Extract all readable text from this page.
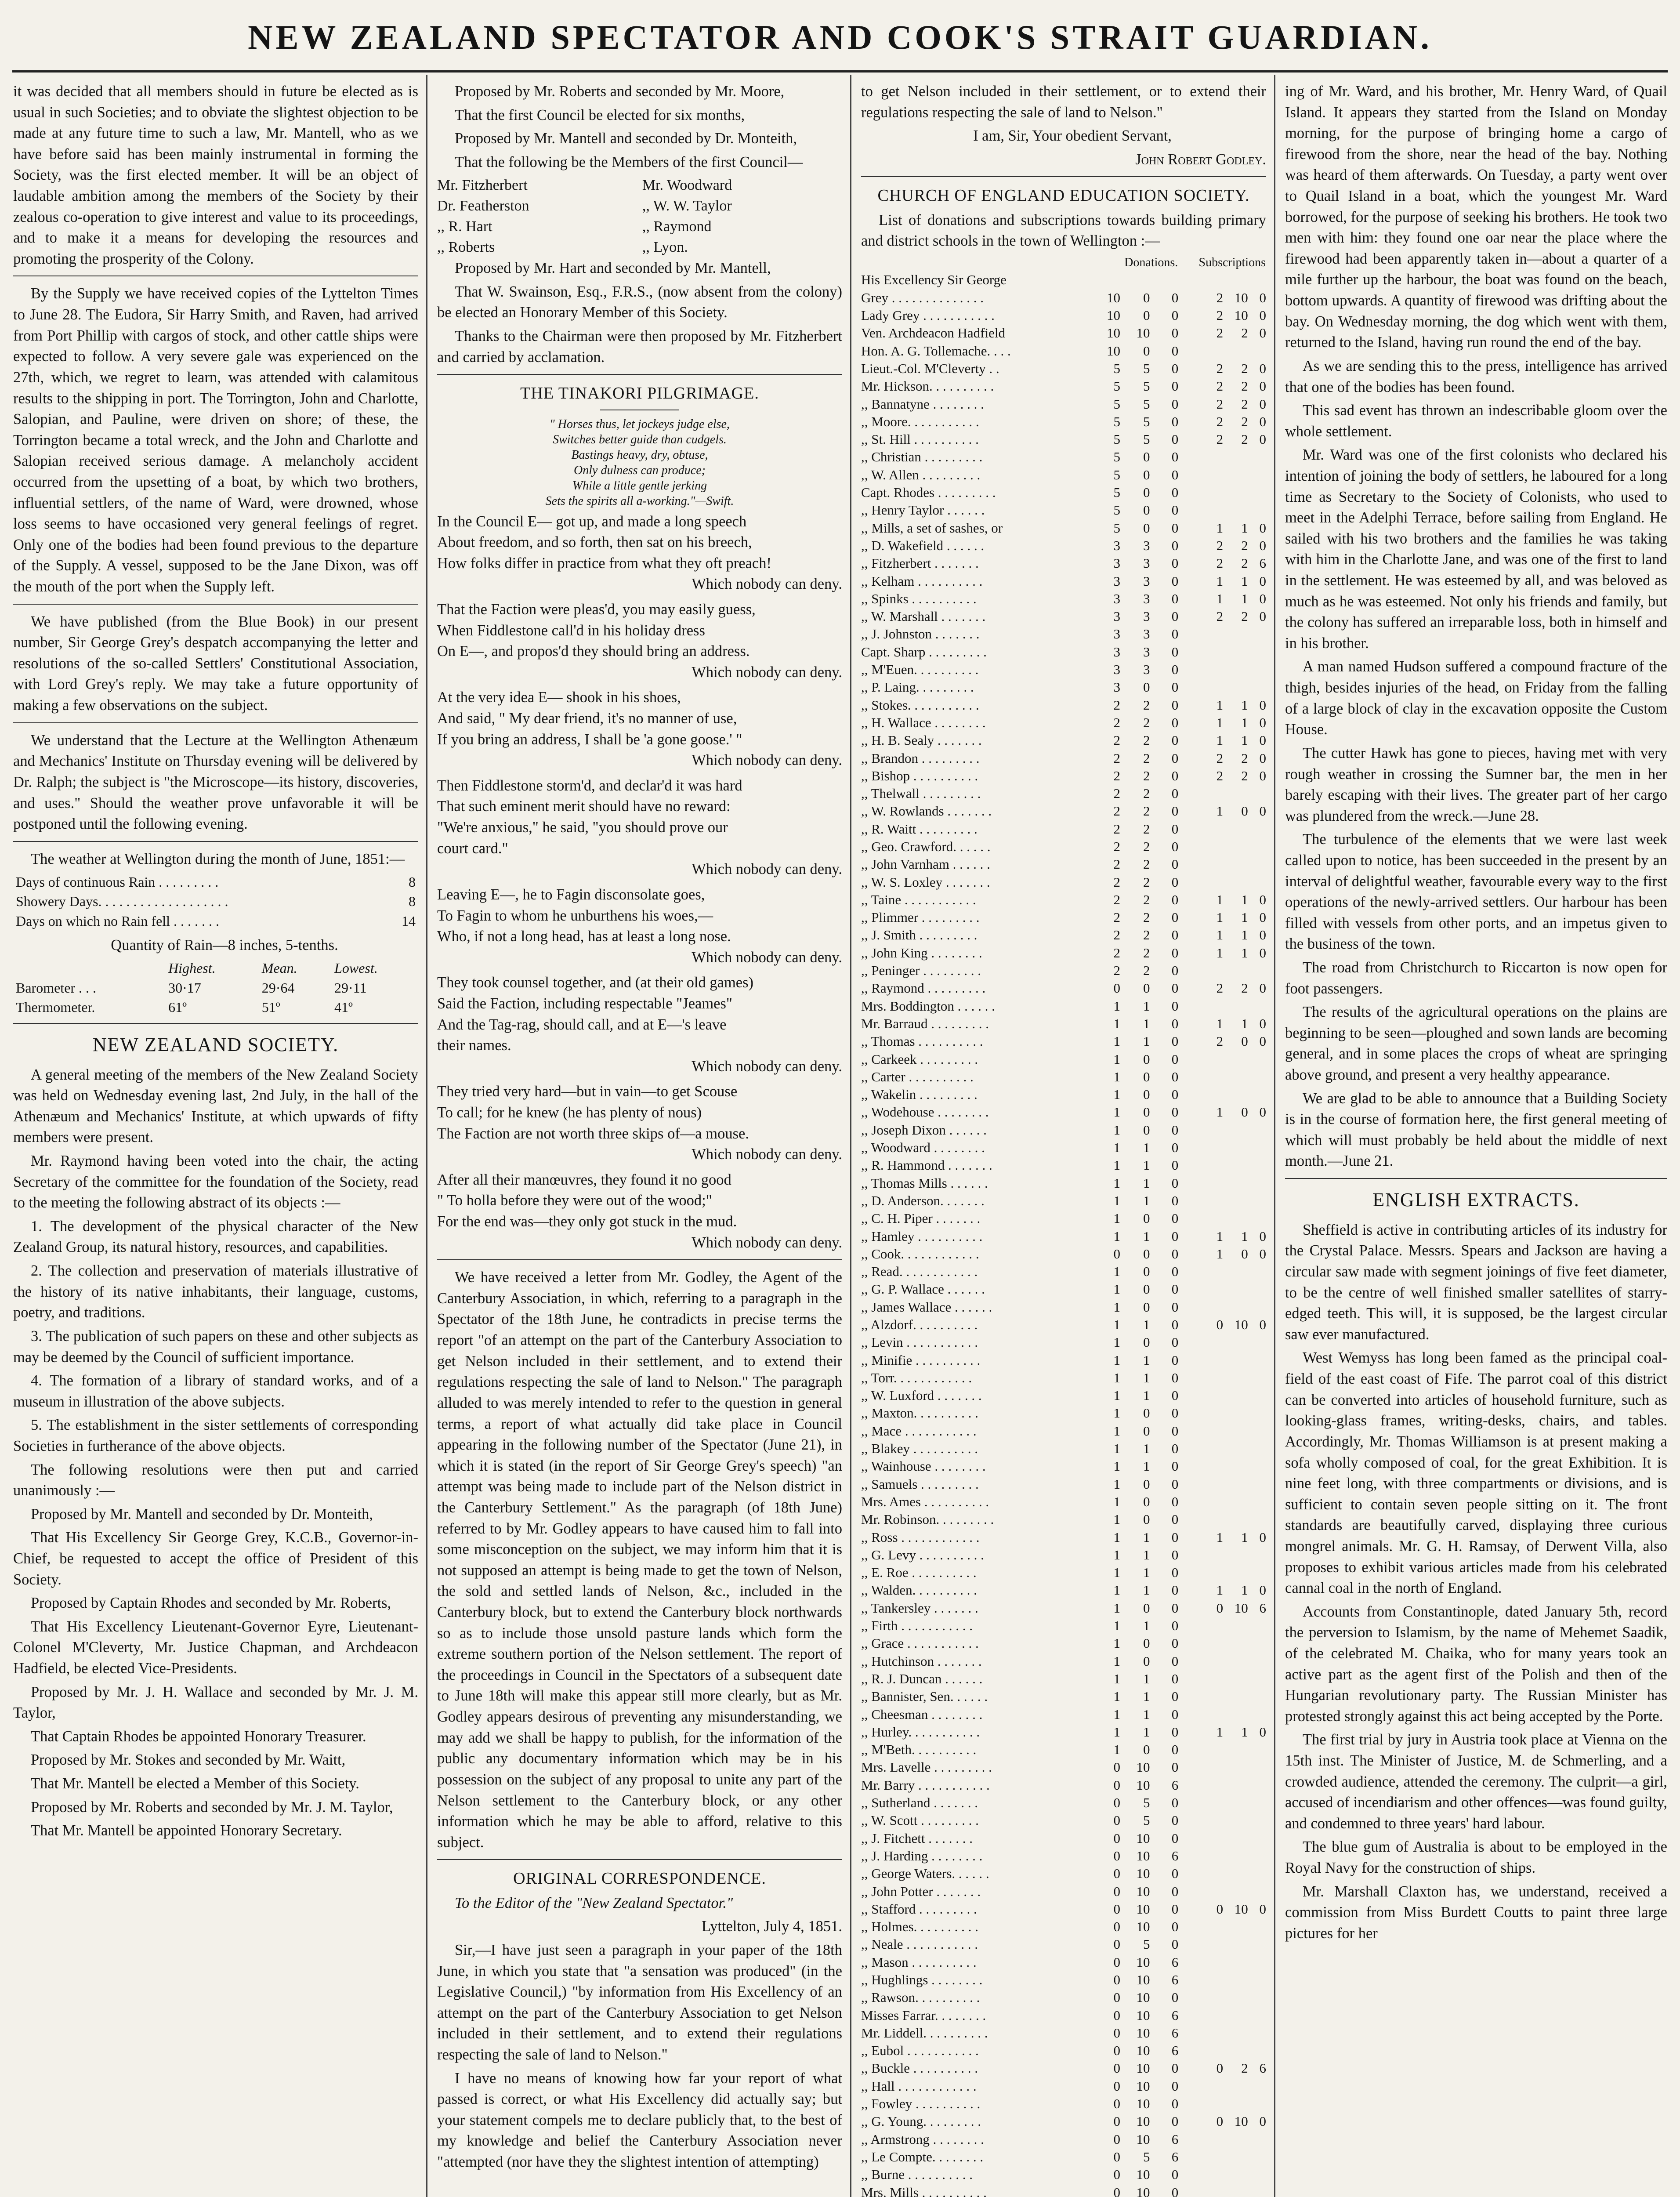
NEW ZEALAND SPECTATOR AND COOK'S STRAIT GUARDIAN.

it was decided that all members should in future be elected as is usual in such Societies; and to obviate the slightest objection to be made at any future time to such a law, Mr. Mantell, who as we have before said has been mainly instrumental in forming the Society, was the first elected member. It will be an object of laudable ambition among the members of the Society by their zealous co-operation to give interest and value to its proceedings, and to make it a means for developing the resources and promoting the prosperity of the Colony.

By the Supply we have received copies of the Lyttelton Times to June 28. The Eudora, Sir Harry Smith, and Raven, had arrived from Port Phillip with cargos of stock, and other cattle ships were expected to follow. A very severe gale was experienced on the 27th, which, we regret to learn, was attended with calamitous results to the shipping in port. The Torrington, John and Charlotte, Salopian, and Pauline, were driven on shore; of these, the Torrington became a total wreck, and the John and Charlotte and Salopian received serious damage. A melancholy accident occurred from the upsetting of a boat, by which two brothers, influential settlers, of the name of Ward, were drowned, whose loss seems to have occasioned very general feelings of regret. Only one of the bodies had been found previous to the departure of the Supply. A vessel, supposed to be the Jane Dixon, was off the mouth of the port when the Supply left.

We have published (from the Blue Book) in our present number, Sir George Grey's despatch accompanying the letter and resolutions of the so-called Settlers' Constitutional Association, with Lord Grey's reply. We may take a future opportunity of making a few observations on the subject.

We understand that the Lecture at the Wellington Athenæum and Mechanics' Institute on Thursday evening will be delivered by Dr. Ralph; the subject is "the Microscope—its history, discoveries, and uses." Should the weather prove unfavorable it will be postponed until the following evening.

The weather at Wellington during the month of June, 1851:—

Days of continuous Rain . . . . . . . . .	8
Showery Days. . . . . . . . . . . . . . . . . . .	8
Days on which no Rain fell . . . . . . .	14

Quantity of Rain—8 inches, 5-tenths.

	Highest.	Mean.	Lowest.
Barometer . . .	30·17	29·64	29·11
Thermometer.	61º	51º	41º
NEW ZEALAND SOCIETY.

A general meeting of the members of the New Zealand Society was held on Wednesday evening last, 2nd July, in the hall of the Athenæum and Mechanics' Institute, at which upwards of fifty members were present.

Mr. Raymond having been voted into the chair, the acting Secretary of the committee for the foundation of the Society, read to the meeting the following abstract of its objects :—

1. The development of the physical character of the New Zealand Group, its natural history, resources, and capabilities.

2. The collection and preservation of materials illustrative of the history of its native inhabitants, their language, customs, poetry, and traditions.

3. The publication of such papers on these and other subjects as may be deemed by the Council of sufficient importance.

4. The formation of a library of standard works, and of a museum in illustration of the above subjects.

5. The establishment in the sister settlements of corresponding Societies in furtherance of the above objects.

The following resolutions were then put and carried unanimously :—

Proposed by Mr. Mantell and seconded by Dr. Monteith,

That His Excellency Sir George Grey, K.C.B., Governor-in-Chief, be requested to accept the office of President of this Society.

Proposed by Captain Rhodes and seconded by Mr. Roberts,

That His Excellency Lieutenant-Governor Eyre, Lieutenant-Colonel M'Cleverty, Mr. Justice Chapman, and Archdeacon Hadfield, be elected Vice-Presidents.

Proposed by Mr. J. H. Wallace and seconded by Mr. J. M. Taylor,

That Captain Rhodes be appointed Honorary Treasurer.

Proposed by Mr. Stokes and seconded by Mr. Waitt,

That Mr. Mantell be elected a Member of this Society.

Proposed by Mr. Roberts and seconded by Mr. J. M. Taylor,

That Mr. Mantell be appointed Honorary Secretary.

Proposed by Mr. Roberts and seconded by Mr. Moore,

That the first Council be elected for six months,

Proposed by Mr. Mantell and seconded by Dr. Monteith,

That the following be the Members of the first Council—

Mr. Fitzherbert	Mr. Woodward
Dr. Featherston	,, W. W. Taylor
,, R. Hart	,, Raymond
,, Roberts	,, Lyon.

Proposed by Mr. Hart and seconded by Mr. Mantell,

That W. Swainson, Esq., F.R.S., (now absent from the colony) be elected an Honorary Member of this Society.

Thanks to the Chairman were then proposed by Mr. Fitzherbert and carried by acclamation.

THE TINAKORI PILGRIMAGE.
" Horses thus, let jockeys judge else,
Switches better guide than cudgels.
Bastings heavy, dry, obtuse,
Only dulness can produce;
While a little gentle jerking
Sets the spirits all a-working."—Swift.
In the Council E— got up, and made a long speech
About freedom, and so forth, then sat on his breech,
How folks differ in practice from what they oft preach!
Which nobody can deny.
That the Faction were pleas'd, you may easily guess,
When Fiddlestone call'd in his holiday dress
On E—, and propos'd they should bring an address.
Which nobody can deny.
At the very idea E— shook in his shoes,
And said, " My dear friend, it's no manner of use,
If you bring an address, I shall be 'a gone goose.' "
Which nobody can deny.
Then Fiddlestone storm'd, and declar'd it was hard
That such eminent merit should have no reward:
"We're anxious," he said, "you should prove our
court card."
Which nobody can deny.
Leaving E—, he to Fagin disconsolate goes,
To Fagin to whom he unburthens his woes,—
Who, if not a long head, has at least a long nose.
Which nobody can deny.
They took counsel together, and (at their old games)
Said the Faction, including respectable "Jeames"
And the Tag-rag, should call, and at E—'s leave
their names.
Which nobody can deny.
They tried very hard—but in vain—to get Scouse
To call; for he knew (he has plenty of nous)
The Faction are not worth three skips of—a mouse.
Which nobody can deny.
After all their manœuvres, they found it no good
" To holla before they were out of the wood;"
For the end was—they only got stuck in the mud.
Which nobody can deny.

We have received a letter from Mr. Godley, the Agent of the Canterbury Association, in which, referring to a paragraph in the Spectator of the 18th June, he contradicts in precise terms the report "of an attempt on the part of the Canterbury Association to get Nelson included in their settlement, and to extend their regulations respecting the sale of land to Nelson." The paragraph alluded to was merely intended to refer to the question in general terms, a report of what actually did take place in Council appearing in the following number of the Spectator (June 21), in which it is stated (in the report of Sir George Grey's speech) "an attempt was being made to include part of the Nelson district in the Canterbury Settlement." As the paragraph (of 18th June) referred to by Mr. Godley appears to have caused him to fall into some misconception on the subject, we may inform him that it is not supposed an attempt is being made to get the town of Nelson, the sold and settled lands of Nelson, &c., included in the Canterbury block, but to extend the Canterbury block northwards so as to include those unsold pasture lands which form the extreme southern portion of the Nelson settlement. The report of the proceedings in Council in the Spectators of a subsequent date to June 18th will make this appear still more clearly, but as Mr. Godley appears desirous of preventing any misunderstanding, we may add we shall be happy to publish, for the information of the public any documentary information which may be in his possession on the subject of any proposal to unite any part of the Nelson settlement to the Canterbury block, or any other information which he may be able to afford, relative to this subject.

ORIGINAL CORRESPONDENCE.

To the Editor of the "New Zealand Spectator."

Lyttelton, July 4, 1851.

Sir,—I have just seen a paragraph in your paper of the 18th June, in which you state that "a sensation was produced" (in the Legislative Council,) "by information from His Excellency of an attempt on the part of the Canterbury Association to get Nelson included in their settlement, and to extend their regulations respecting the sale of land to Nelson."

I have no means of knowing how far your report of what passed is correct, or what His Excellency did actually say; but your statement compels me to declare publicly that, to the best of my knowledge and belief the Canterbury Association never "attempted (nor have they the slightest intention of attempting)

to get Nelson included in their settlement, or to extend their regulations respecting the sale of land to Nelson."

I am, Sir, Your obedient Servant,

John Robert Godley.

CHURCH OF ENGLAND EDUCATION SOCIETY.

List of donations and subscriptions towards building primary and district schools in the town of Wellington :—

	Donations.				Subscriptions		
His Excellency Sir George							
Grey . . . . . . . . . . . . . .	10	0	0		2	10	0
Lady Grey . . . . . . . . . . .	10	0	0		2	10	0
Ven. Archdeacon Hadfield	10	10	0		2	2	0
Hon. A. G. Tollemache. . . .	10	0	0				
Lieut.-Col. M'Cleverty . .	5	5	0		2	2	0
Mr. Hickson. . . . . . . . . .	5	5	0		2	2	0
,, Bannatyne . . . . . . . .	5	5	0		2	2	0
,, Moore. . . . . . . . . . .	5	5	0		2	2	0
,, St. Hill . . . . . . . . . .	5	5	0		2	2	0
,, Christian . . . . . . . . .	5	0	0				
,, W. Allen . . . . . . . . .	5	0	0				
Capt. Rhodes . . . . . . . . .	5	0	0				
,, Henry Taylor . . . . . .	5	0	0				
,, Mills, a set of sashes, or	5	0	0		1	1	0
,, D. Wakefield . . . . . .	3	3	0		2	2	0
,, Fitzherbert . . . . . . .	3	3	0		2	2	6
,, Kelham . . . . . . . . . .	3	3	0		1	1	0
,, Spinks . . . . . . . . . .	3	3	0		1	1	0
,, W. Marshall . . . . . . .	3	3	0		2	2	0
,, J. Johnston . . . . . . .	3	3	0				
Capt. Sharp . . . . . . . . .	3	3	0				
,, M'Euen. . . . . . . . . .	3	3	0				
,, P. Laing. . . . . . . . .	3	0	0				
,, Stokes. . . . . . . . . . .	2	2	0		1	1	0
,, H. Wallace . . . . . . . .	2	2	0		1	1	0
,, H. B. Sealy . . . . . . .	2	2	0		1	1	0
,, Brandon . . . . . . . . .	2	2	0		2	2	0
,, Bishop . . . . . . . . . .	2	2	0		2	2	0
,, Thelwall . . . . . . . . .	2	2	0				
,, W. Rowlands . . . . . . .	2	2	0		1	0	0
,, R. Waitt . . . . . . . . .	2	2	0				
,, Geo. Crawford. . . . . .	2	2	0				
,, John Varnham . . . . . .	2	2	0				
,, W. S. Loxley . . . . . . .	2	2	0				
,, Taine . . . . . . . . . . .	2	2	0		1	1	0
,, Plimmer . . . . . . . . .	2	2	0		1	1	0
,, J. Smith . . . . . . . . .	2	2	0		1	1	0
,, John King . . . . . . . .	2	2	0		1	1	0
,, Peninger . . . . . . . . .	2	2	0				
,, Raymond . . . . . . . . .	0	0	0		2	2	0
Mrs. Boddington . . . . . .	1	1	0				
Mr. Barraud . . . . . . . . .	1	1	0		1	1	0
,, Thomas . . . . . . . . . .	1	1	0		2	0	0
,, Carkeek . . . . . . . . .	1	0	0				
,, Carter . . . . . . . . . .	1	0	0				
,, Wakelin . . . . . . . . .	1	0	0				
,, Wodehouse . . . . . . . .	1	0	0		1	0	0
,, Joseph Dixon . . . . . .	1	0	0				
,, Woodward . . . . . . . .	1	1	0				
,, R. Hammond . . . . . . .	1	1	0				
,, Thomas Mills . . . . . .	1	1	0				
,, D. Anderson. . . . . . .	1	1	0				
,, C. H. Piper . . . . . . .	1	0	0				
,, Hamley . . . . . . . . . .	1	1	0		1	1	0
,, Cook. . . . . . . . . . . .	0	0	0		1	0	0
,, Read. . . . . . . . . . . .	1	0	0				
,, G. P. Wallace . . . . . .	1	0	0				
,, James Wallace . . . . . .	1	0	0				
,, Alzdorf. . . . . . . . . .	1	1	0		0	10	0
,, Levin . . . . . . . . . . .	1	0	0				
,, Minifie . . . . . . . . . .	1	1	0				
,, Torr. . . . . . . . . . . .	1	1	0				
,, W. Luxford . . . . . . .	1	1	0				
,, Maxton. . . . . . . . . .	1	0	0				
,, Mace . . . . . . . . . . .	1	0	0				
,, Blakey . . . . . . . . . .	1	1	0				
,, Wainhouse . . . . . . . .	1	1	0				
,, Samuels . . . . . . . . .	1	0	0				
Mrs. Ames . . . . . . . . . .	1	0	0				
Mr. Robinson. . . . . . . . .	1	0	0				
,, Ross . . . . . . . . . . . .	1	1	0		1	1	0
,, G. Levy . . . . . . . . . .	1	1	0				
,, E. Roe . . . . . . . . . .	1	1	0				
,, Walden. . . . . . . . . .	1	1	0		1	1	0
,, Tankersley . . . . . . .	1	0	0		0	10	6
,, Firth . . . . . . . . . . .	1	1	0				
,, Grace . . . . . . . . . . .	1	0	0				
,, Hutchinson . . . . . . .	1	0	0				
,, R. J. Duncan . . . . . .	1	1	0				
,, Bannister, Sen. . . . . .	1	1	0				
,, Cheesman . . . . . . . .	1	1	0				
,, Hurley. . . . . . . . . . .	1	1	0		1	1	0
,, M'Beth. . . . . . . . . .	1	0	0				
Mrs. Lavelle . . . . . . . . .	0	10	0				
Mr. Barry . . . . . . . . . . .	0	10	6				
,, Sutherland . . . . . . .	0	5	0				
,, W. Scott . . . . . . . . .	0	5	0				
,, J. Fitchett . . . . . . .	0	10	0				
,, J. Harding . . . . . . . .	0	10	6				
,, George Waters. . . . . .	0	10	0				
,, John Potter . . . . . . .	0	10	0				
,, Stafford . . . . . . . . .	0	10	0		0	10	0
,, Holmes. . . . . . . . . .	0	10	0				
,, Neale . . . . . . . . . . .	0	5	0				
,, Mason . . . . . . . . . .	0	10	6				
,, Hughlings . . . . . . . .	0	10	6				
,, Rawson. . . . . . . . . .	0	10	0				
Misses Farrar. . . . . . . .	0	10	6				
Mr. Liddell. . . . . . . . . .	0	10	6				
,, Eubol . . . . . . . . . . .	0	10	6				
,, Buckle . . . . . . . . . .	0	10	0		0	2	6
,, Hall . . . . . . . . . . . .	0	10	0				
,, Fowley . . . . . . . . . .	0	10	0				
,, G. Young. . . . . . . . .	0	10	0		0	10	0
,, Armstrong . . . . . . . .	0	10	6				
,, Le Compte. . . . . . . .	0	5	6				
,, Burne . . . . . . . . . .	0	10	0				
Mrs. Mills . . . . . . . . . .	0	10	0				

ing of Mr. Ward, and his brother, Mr. Henry Ward, of Quail Island. It appears they started from the Island on Monday morning, for the purpose of bringing home a cargo of firewood from the shore, near the head of the bay. Nothing was heard of them afterwards. On Tuesday, a party went over to Quail Island in a boat, which the youngest Mr. Ward borrowed, for the purpose of seeking his brothers. He took two men with him: they found one oar near the place where the firewood had been apparently taken in—about a quarter of a mile further up the harbour, the boat was found on the beach, bottom upwards. A quantity of firewood was drifting about the bay. On Wednesday morning, the dog which went with them, returned to the Island, having run round the end of the bay.

As we are sending this to the press, intelligence has arrived that one of the bodies has been found.

This sad event has thrown an indescribable gloom over the whole settlement.

Mr. Ward was one of the first colonists who declared his intention of joining the body of settlers, he laboured for a long time as Secretary to the Society of Colonists, who used to meet in the Adelphi Terrace, before sailing from England. He sailed with his two brothers and the families he was taking with him in the Charlotte Jane, and was one of the first to land in the settlement. He was esteemed by all, and was beloved as much as he was esteemed. Not only his friends and family, but the colony has suffered an irreparable loss, both in himself and in his brother.

A man named Hudson suffered a compound fracture of the thigh, besides injuries of the head, on Friday from the falling of a large block of clay in the excavation opposite the Custom House.

The cutter Hawk has gone to pieces, having met with very rough weather in crossing the Sumner bar, the men in her barely escaping with their lives. The greater part of her cargo was plundered from the wreck.—June 28.

The turbulence of the elements that we were last week called upon to notice, has been succeeded in the present by an interval of delightful weather, favourable every way to the first operations of the newly-arrived settlers. Our harbour has been filled with vessels from other ports, and an impetus given to the business of the town.

The road from Christchurch to Riccarton is now open for foot passengers.

The results of the agricultural operations on the plains are beginning to be seen—ploughed and sown lands are becoming general, and in some places the crops of wheat are springing above ground, and present a very healthy appearance.

We are glad to be able to announce that a Building Society is in the course of formation here, the first general meeting of which will must probably be held about the middle of next month.—June 21.

ENGLISH EXTRACTS.

Sheffield is active in contributing articles of its industry for the Crystal Palace. Messrs. Spears and Jackson are having a circular saw made with segment joinings of five feet diameter, to be the centre of well finished smaller satellites of starry-edged teeth. This will, it is supposed, be the largest circular saw ever manufactured.

West Wemyss has long been famed as the principal coal-field of the east coast of Fife. The parrot coal of this district can be converted into articles of household furniture, such as looking-glass frames, writing-desks, chairs, and tables. Accordingly, Mr. Thomas Williamson is at present making a sofa wholly composed of coal, for the great Exhibition. It is nine feet long, with three compartments or divisions, and is sufficient to contain seven people sitting on it. The front standards are beautifully carved, displaying three curious mongrel animals. Mr. G. H. Ramsay, of Derwent Villa, also proposes to exhibit various articles made from his celebrated cannal coal in the north of England.

Accounts from Constantinople, dated January 5th, record the perversion to Islamism, by the name of Mehemet Saadik, of the celebrated M. Chaika, who for many years took an active part as the agent first of the Polish and then of the Hungarian revolutionary party. The Russian Minister has protested strongly against this act being accepted by the Porte.

The first trial by jury in Austria took place at Vienna on the 15th inst. The Minister of Justice, M. de Schmerling, and a crowded audience, attended the ceremony. The culprit—a girl, accused of incendiarism and other offences—was found guilty, and condemned to three years' hard labour.

The blue gum of Australia is about to be employed in the Royal Navy for the construction of ships.

Mr. Marshall Claxton has, we understand, received a commission from Miss Burdett Coutts to paint three large pictures for her
